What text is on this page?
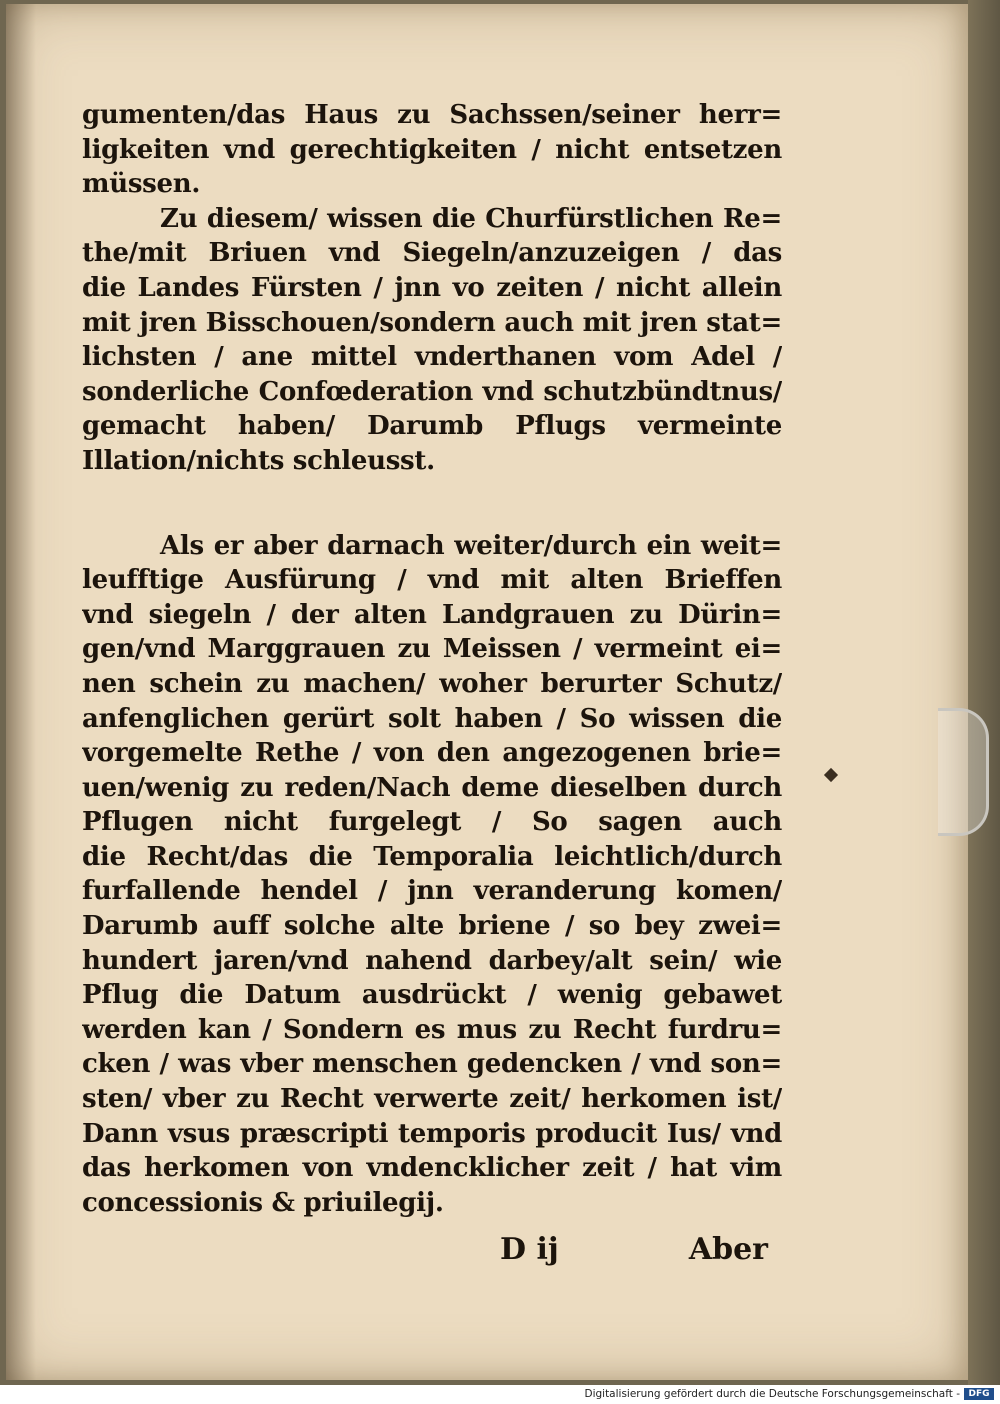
gumenten/das Haus zu Sachssen/seiner herr=
ligkeiten vnd gerechtigkeiten / nicht entsetzen
müssen.
Zu diesem/ wissen die Churfürstlichen Re=
the/mit Briuen vnd Siegeln/anzuzeigen / das
die Landes Fürsten / jnn vo zeiten / nicht allein
mit jren Bisschouen/sondern auch mit jren stat=
lichsten / ane mittel vnderthanen vom Adel /
sonderliche Confœderation vnd schutzbündtnus/
gemacht haben/ Darumb Pflugs vermeinte
Illation/nichts schleusst.
Als er aber darnach weiter/durch ein weit=
leufftige Ausfürung / vnd mit alten Brieffen
vnd siegeln / der alten Landgrauen zu Dürin=
gen/vnd Marggrauen zu Meissen / vermeint ei=
nen schein zu machen/ woher berurter Schutz/
anfenglichen gerürt solt haben / So wissen die
vorgemelte Rethe / von den angezogenen brie=
uen/wenig zu reden/Nach deme dieselben durch
Pflugen nicht furgelegt / So sagen auch
die Recht/das die Temporalia leichtlich/durch
furfallende hendel / jnn veranderung komen/
Darumb auff solche alte briene / so bey zwei=
hundert jaren/vnd nahend darbey/alt sein/ wie
Pflug die Datum ausdrückt / wenig gebawet
werden kan / Sondern es mus zu Recht furdru=
cken / was vber menschen gedencken / vnd son=
sten/ vber zu Recht verwerte zeit/ herkomen ist/
Dann vsus præscripti temporis producit Ius/ vnd
das herkomen von vndencklicher zeit / hat vim
concessionis & priuilegij.
D ij	Aber
Digitalisierung gefördert durch die Deutsche Forschungsgemeinschaft - DFG
